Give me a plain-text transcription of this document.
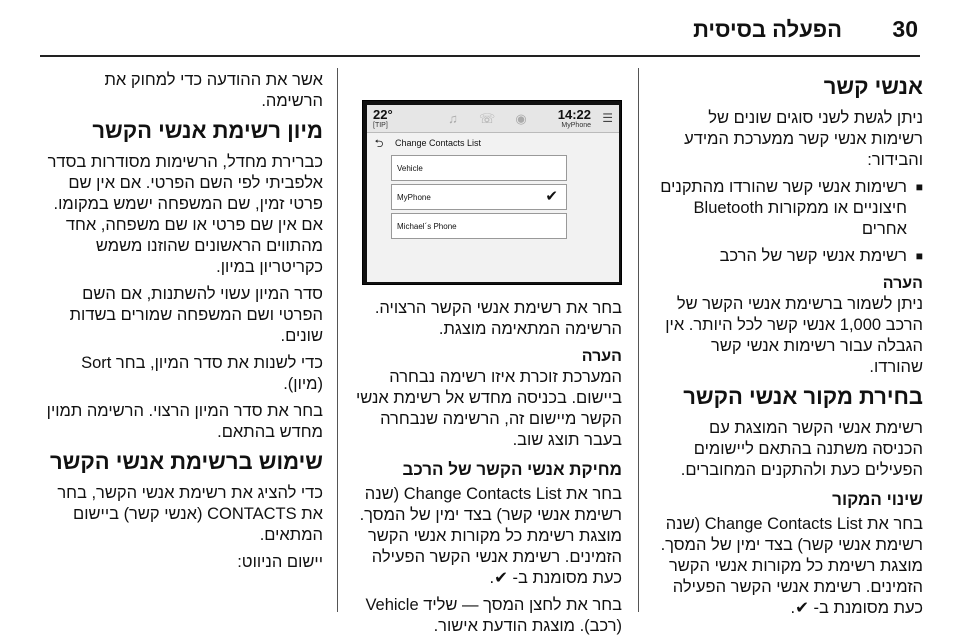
30
הפעלה בסיסית
אנשי קשר

ניתן לגשת לשני סוגים שונים של רשימות אנשי קשר ממערכת המידע והבידור:

■ רשימות אנשי קשר שהורדו מהתקנים חיצוניים או ממקורות Bluetooth אחרים

■ רשימת אנשי קשר של הרכב

הערה

ניתן לשמור ברשימת אנשי הקשר של הרכב 1,000 אנשי קשר לכל היותר. אין הגבלה עבור רשימות אנשי קשר שהורדו.

בחירת מקור אנשי הקשר

רשימת אנשי הקשר המוצגת עם הכניסה משתנה בהתאם ליישומים הפעילים כעת ולהתקנים המחוברים.

שינוי המקור

בחר את Change Contacts List (שנה רשימת אנשי קשר) בצד ימין של המסך. מוצגת רשימת כל מקורות אנשי הקשר הזמינים. רשימת אנשי הקשר הפעילה כעת מסומנת ב- ✔.

22°
[TIP]	♫ ☏ ◉ 14:22
MyPhone
☰
⮌	Change Contacts List
Vehicle
MyPhone	✔
Michael´s Phone

בחר את רשימת אנשי הקשר הרצויה. הרשימה המתאימה מוצגת.

הערה

המערכת זוכרת איזו רשימה נבחרה ביישום. בכניסה מחדש אל רשימת אנשי הקשר מיישום זה, הרשימה שנבחרה בעבר תוצג שוב.

מחיקת אנשי הקשר של הרכב

בחר את Change Contacts List (שנה רשימת אנשי קשר) בצד ימין של המסך. מוצגת רשימת כל מקורות אנשי הקשר הזמינים. רשימת אנשי הקשר הפעילה כעת מסומנת ב- ✔.

בחר את לחצן המסך — שליד Vehicle (רכב). מוצגת הודעת אישור.

אשר את ההודעה כדי למחוק את הרשימה.

מיון רשימת אנשי הקשר

כברירת מחדל, הרשימות מסודרות בסדר אלפביתי לפי השם הפרטי. אם אין שם פרטי זמין, שם המשפחה ישמש במקומו. אם אין שם פרטי או שם משפחה, אחד מהתווים הראשונים שהוזנו משמש כקריטריון במיון.

סדר המיון עשוי להשתנות, אם השם הפרטי ושם המשפחה שמורים בשדות שונים.

כדי לשנות את סדר המיון, בחר Sort (מיון).

בחר את סדר המיון הרצוי. הרשימה תמוין מחדש בהתאם.

שימוש ברשימת אנשי הקשר

כדי להציג את רשימת אנשי הקשר, בחר את CONTACTS (אנשי קשר) ביישום המתאים.

יישום הניווט:
